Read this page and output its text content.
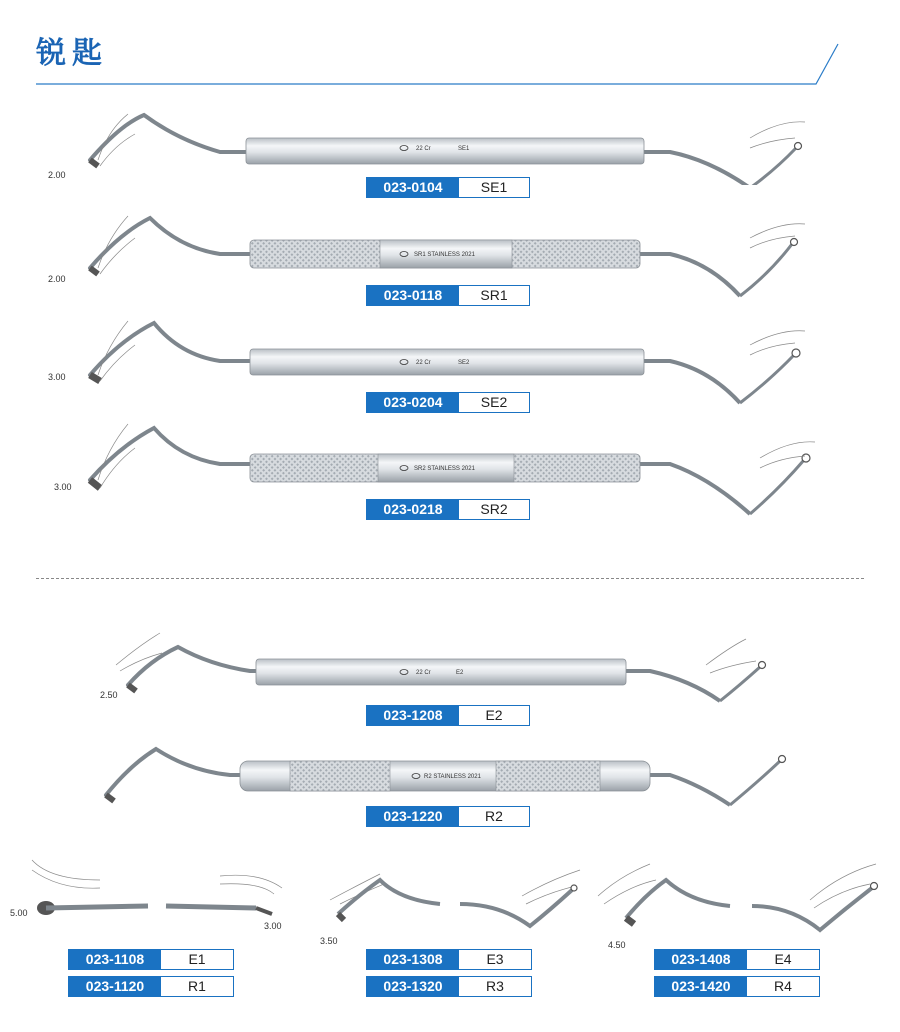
锐匙
22 Cr	SE1
2.00
023-0104	SE1
SR1 STAINLESS 2021
2.00
023-0118	SR1
22 Cr	SE2
3.00
023-0204	SE2
SR2 STAINLESS 2021
3.00
023-0218	SR2
22 Cr	E2
2.50
023-1208	E2
R2 STAINLESS 2021
023-1220	R2
5.00
3.00
023-1108	E1
023-1120	R1
3.50
023-1308	E3
023-1320	R3
4.50
023-1408	E4
023-1420	R4
